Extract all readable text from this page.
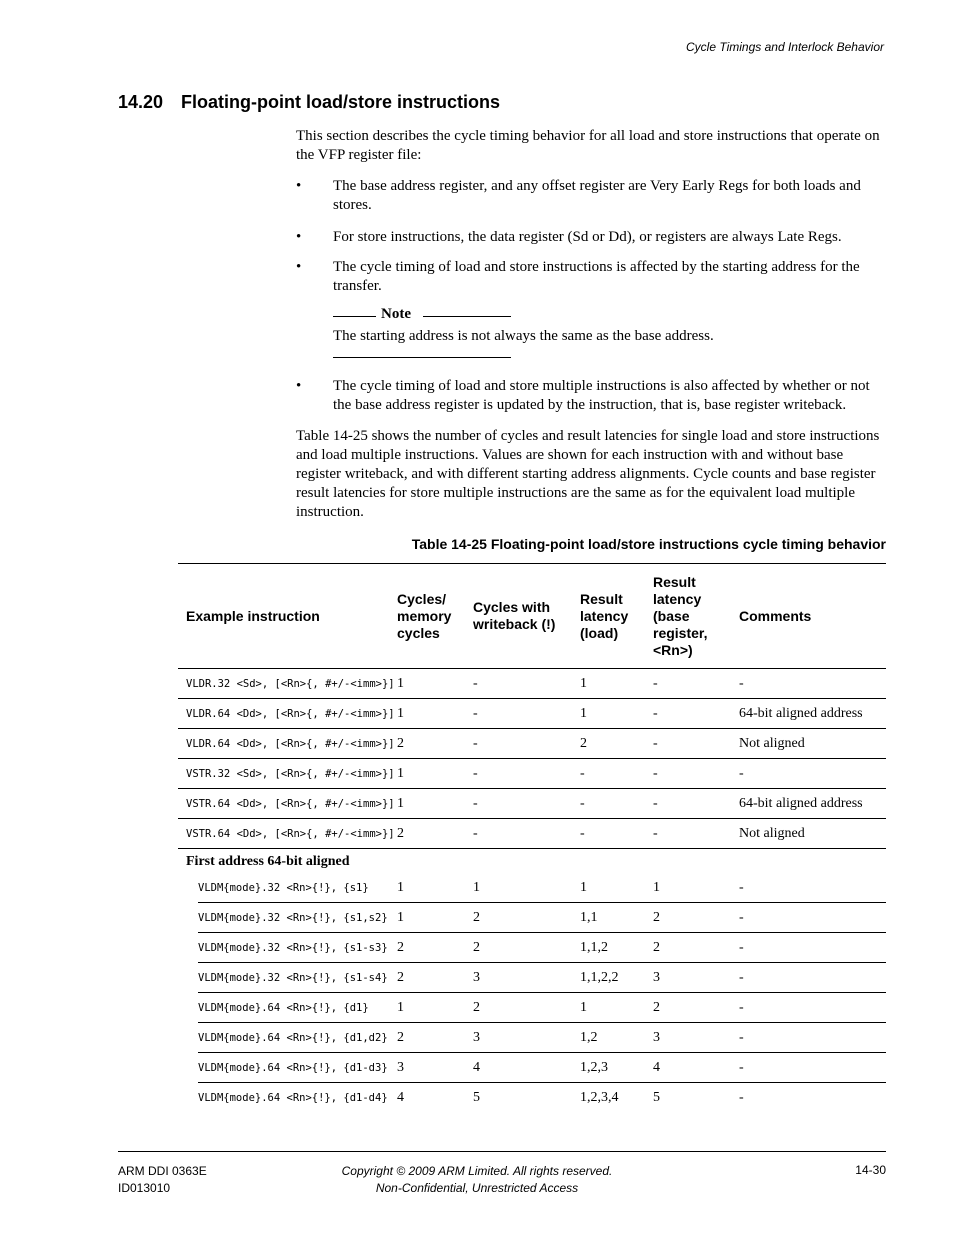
Cycle Timings and Interlock Behavior
14.20 Floating-point load/store instructions

This section describes the cycle timing behavior for all load and store instructions that operate on the VFP register file:

• The base address register, and any offset register are Very Early Regs for both loads and stores.
• For store instructions, the data register (Sd or Dd), or registers are always Late Regs.
• The cycle timing of load and store instructions is affected by the starting address for the transfer.
Note
The starting address is not always the same as the base address.
• The cycle timing of load and store multiple instructions is also affected by whether or not the base address register is updated by the instruction, that is, base register writeback.

Table 14-25 shows the number of cycles and result latencies for single load and store instructions and load multiple instructions. Values are shown for each instruction with and without base register writeback, and with different starting address alignments. Cycle counts and base register result latencies for store multiple instructions are the same as for the equivalent load multiple instruction.

Table 14-25 Floating-point load/store instructions cycle timing behavior
Example instruction	Cycles/ memory cycles	Cycles with writeback (!)	Result latency (load)	Result latency (base register, <Rn>)	Comments
VLDR.32 <Sd>, [<Rn>{, #+/-<imm>}]	1	-	1	-	-
VLDR.64 <Dd>, [<Rn>{, #+/-<imm>}]	1	-	1	-	64-bit aligned address
VLDR.64 <Dd>, [<Rn>{, #+/-<imm>}]	2	-	2	-	Not aligned
VSTR.32 <Sd>, [<Rn>{, #+/-<imm>}]	1	-	-	-	-
VSTR.64 <Dd>, [<Rn>{, #+/-<imm>}]	1	-	-	-	64-bit aligned address
VSTR.64 <Dd>, [<Rn>{, #+/-<imm>}]	2	-	-	-	Not aligned
First address 64-bit aligned					

	VLDM{mode}.32 <Rn>{!}, {s1}	1	1	1	1	-
	VLDM{mode}.32 <Rn>{!}, {s1,s2}	1	2	1,1	2	-
	VLDM{mode}.32 <Rn>{!}, {s1-s3}	2	2	1,1,2	2	-
	VLDM{mode}.32 <Rn>{!}, {s1-s4}	2	3	1,1,2,2	3	-
	VLDM{mode}.64 <Rn>{!}, {d1}	1	2	1	2	-
	VLDM{mode}.64 <Rn>{!}, {d1,d2}	2	3	1,2	3	-
	VLDM{mode}.64 <Rn>{!}, {d1-d3}	3	4	1,2,3	4	-
	VLDM{mode}.64 <Rn>{!}, {d1-d4}	4	5	1,2,3,4	5	-
ARM DDI 0363E
ID013010
Copyright © 2009 ARM Limited. All rights reserved.
Non-Confidential, Unrestricted Access
14-30
